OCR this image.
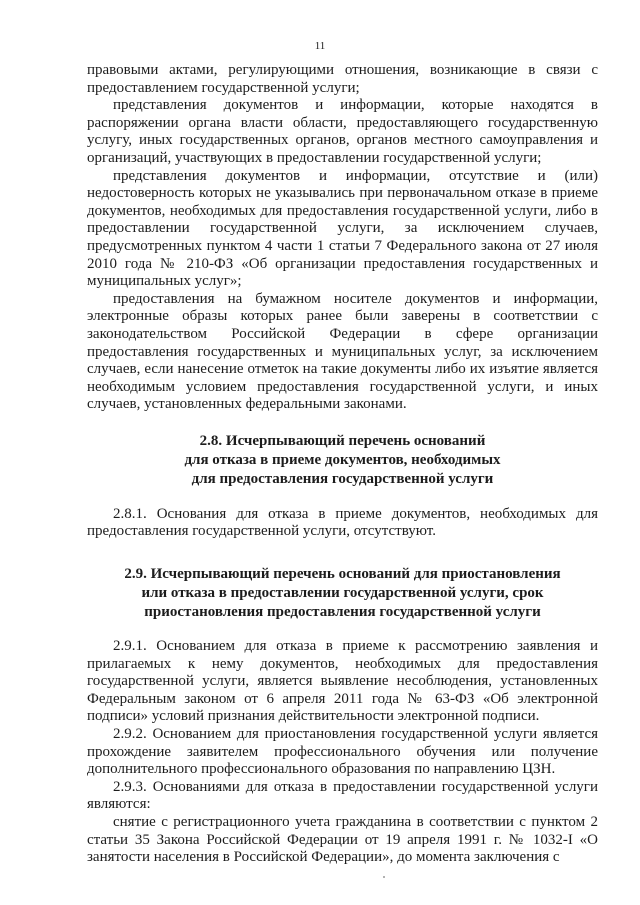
11

правовыми актами, регулирующими отношения, возникающие в связи с предоставлением государственной услуги;

представления документов и информации, которые находятся в распоряжении органа власти области, предоставляющего государственную услугу, иных государственных органов, органов местного самоуправления и организаций, участвующих в предоставлении государственной услуги;

представления документов и информации, отсутствие и (или) недостоверность которых не указывались при первоначальном отказе в приеме документов, необходимых для предоставления государственной услуги, либо в предоставлении государственной услуги, за исключением случаев, предусмотренных пунктом 4 части 1 статьи 7 Федерального закона от 27 июля 2010 года № 210-ФЗ «Об организации предоставления государственных и муниципальных услуг»;

предоставления на бумажном носителе документов и информации, электронные образы которых ранее были заверены в соответствии с законодательством Российской Федерации в сфере организации предоставления государственных и муниципальных услуг, за исключением случаев, если нанесение отметок на такие документы либо их изъятие является необходимым условием предоставления государственной услуги, и иных случаев, установленных федеральными законами.

2.8. Исчерпывающий перечень оснований
для отказа в приеме документов, необходимых
для предоставления государственной услуги

2.8.1. Основания для отказа в приеме документов, необходимых для предоставления государственной услуги, отсутствуют.

2.9. Исчерпывающий перечень оснований для приостановления
или отказа в предоставлении государственной услуги, срок
приостановления предоставления государственной услуги

2.9.1. Основанием для отказа в приеме к рассмотрению заявления и прилагаемых к нему документов, необходимых для предоставления государственной услуги, является выявление несоблюдения, установленных Федеральным законом от 6 апреля 2011 года № 63-ФЗ «Об электронной подписи» условий признания действительности электронной подписи.

2.9.2. Основанием для приостановления государственной услуги является прохождение заявителем профессионального обучения или получение дополнительного профессионального образования по направлению ЦЗН.

2.9.3. Основаниями для отказа в предоставлении государственной услуги являются:

снятие с регистрационного учета гражданина в соответствии с пунктом 2 статьи 35 Закона Российской Федерации от 19 апреля 1991 г. № 1032-I «О занятости населения в Российской Федерации», до момента заключения с
